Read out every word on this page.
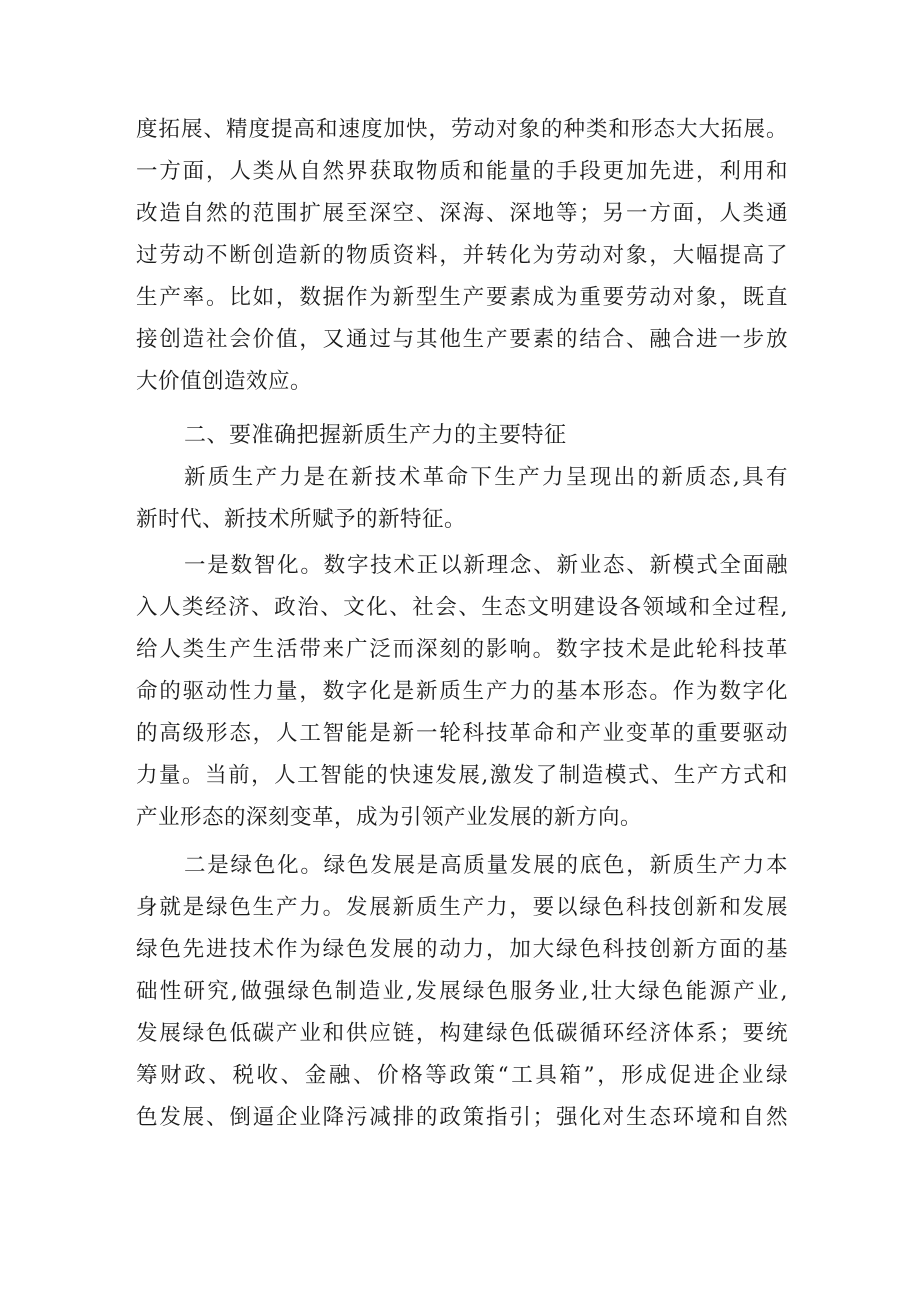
度拓展、精度提高和速度加快，劳动对象的种类和形态大大拓展。
一方面，人类从自然界获取物质和能量的手段更加先进，利用和
改造自然的范围扩展至深空、深海、深地等；另一方面，人类通
过劳动不断创造新的物质资料，并转化为劳动对象，大幅提高了
生产率。比如，数据作为新型生产要素成为重要劳动对象，既直
接创造社会价值，又通过与其他生产要素的结合、融合进一步放
大价值创造效应。
二、要准确把握新质生产力的主要特征
新质生产力是在新技术革命下生产力呈现出的新质态,具有
新时代、新技术所赋予的新特征。
一是数智化。数字技术正以新理念、新业态、新模式全面融
入人类经济、政治、文化、社会、生态文明建设各领域和全过程,
给人类生产生活带来广泛而深刻的影响。数字技术是此轮科技革
命的驱动性力量，数字化是新质生产力的基本形态。作为数字化
的高级形态，人工智能是新一轮科技革命和产业变革的重要驱动
力量。当前，人工智能的快速发展,激发了制造模式、生产方式和
产业形态的深刻变革，成为引领产业发展的新方向。
二是绿色化。绿色发展是高质量发展的底色，新质生产力本
身就是绿色生产力。发展新质生产力，要以绿色科技创新和发展
绿色先进技术作为绿色发展的动力，加大绿色科技创新方面的基
础性研究,做强绿色制造业,发展绿色服务业,壮大绿色能源产业,
发展绿色低碳产业和供应链，构建绿色低碳循环经济体系；要统
筹财政、税收、金融、价格等政策“工具箱”，形成促进企业绿
色发展、倒逼企业降污减排的政策指引；强化对生态环境和自然
